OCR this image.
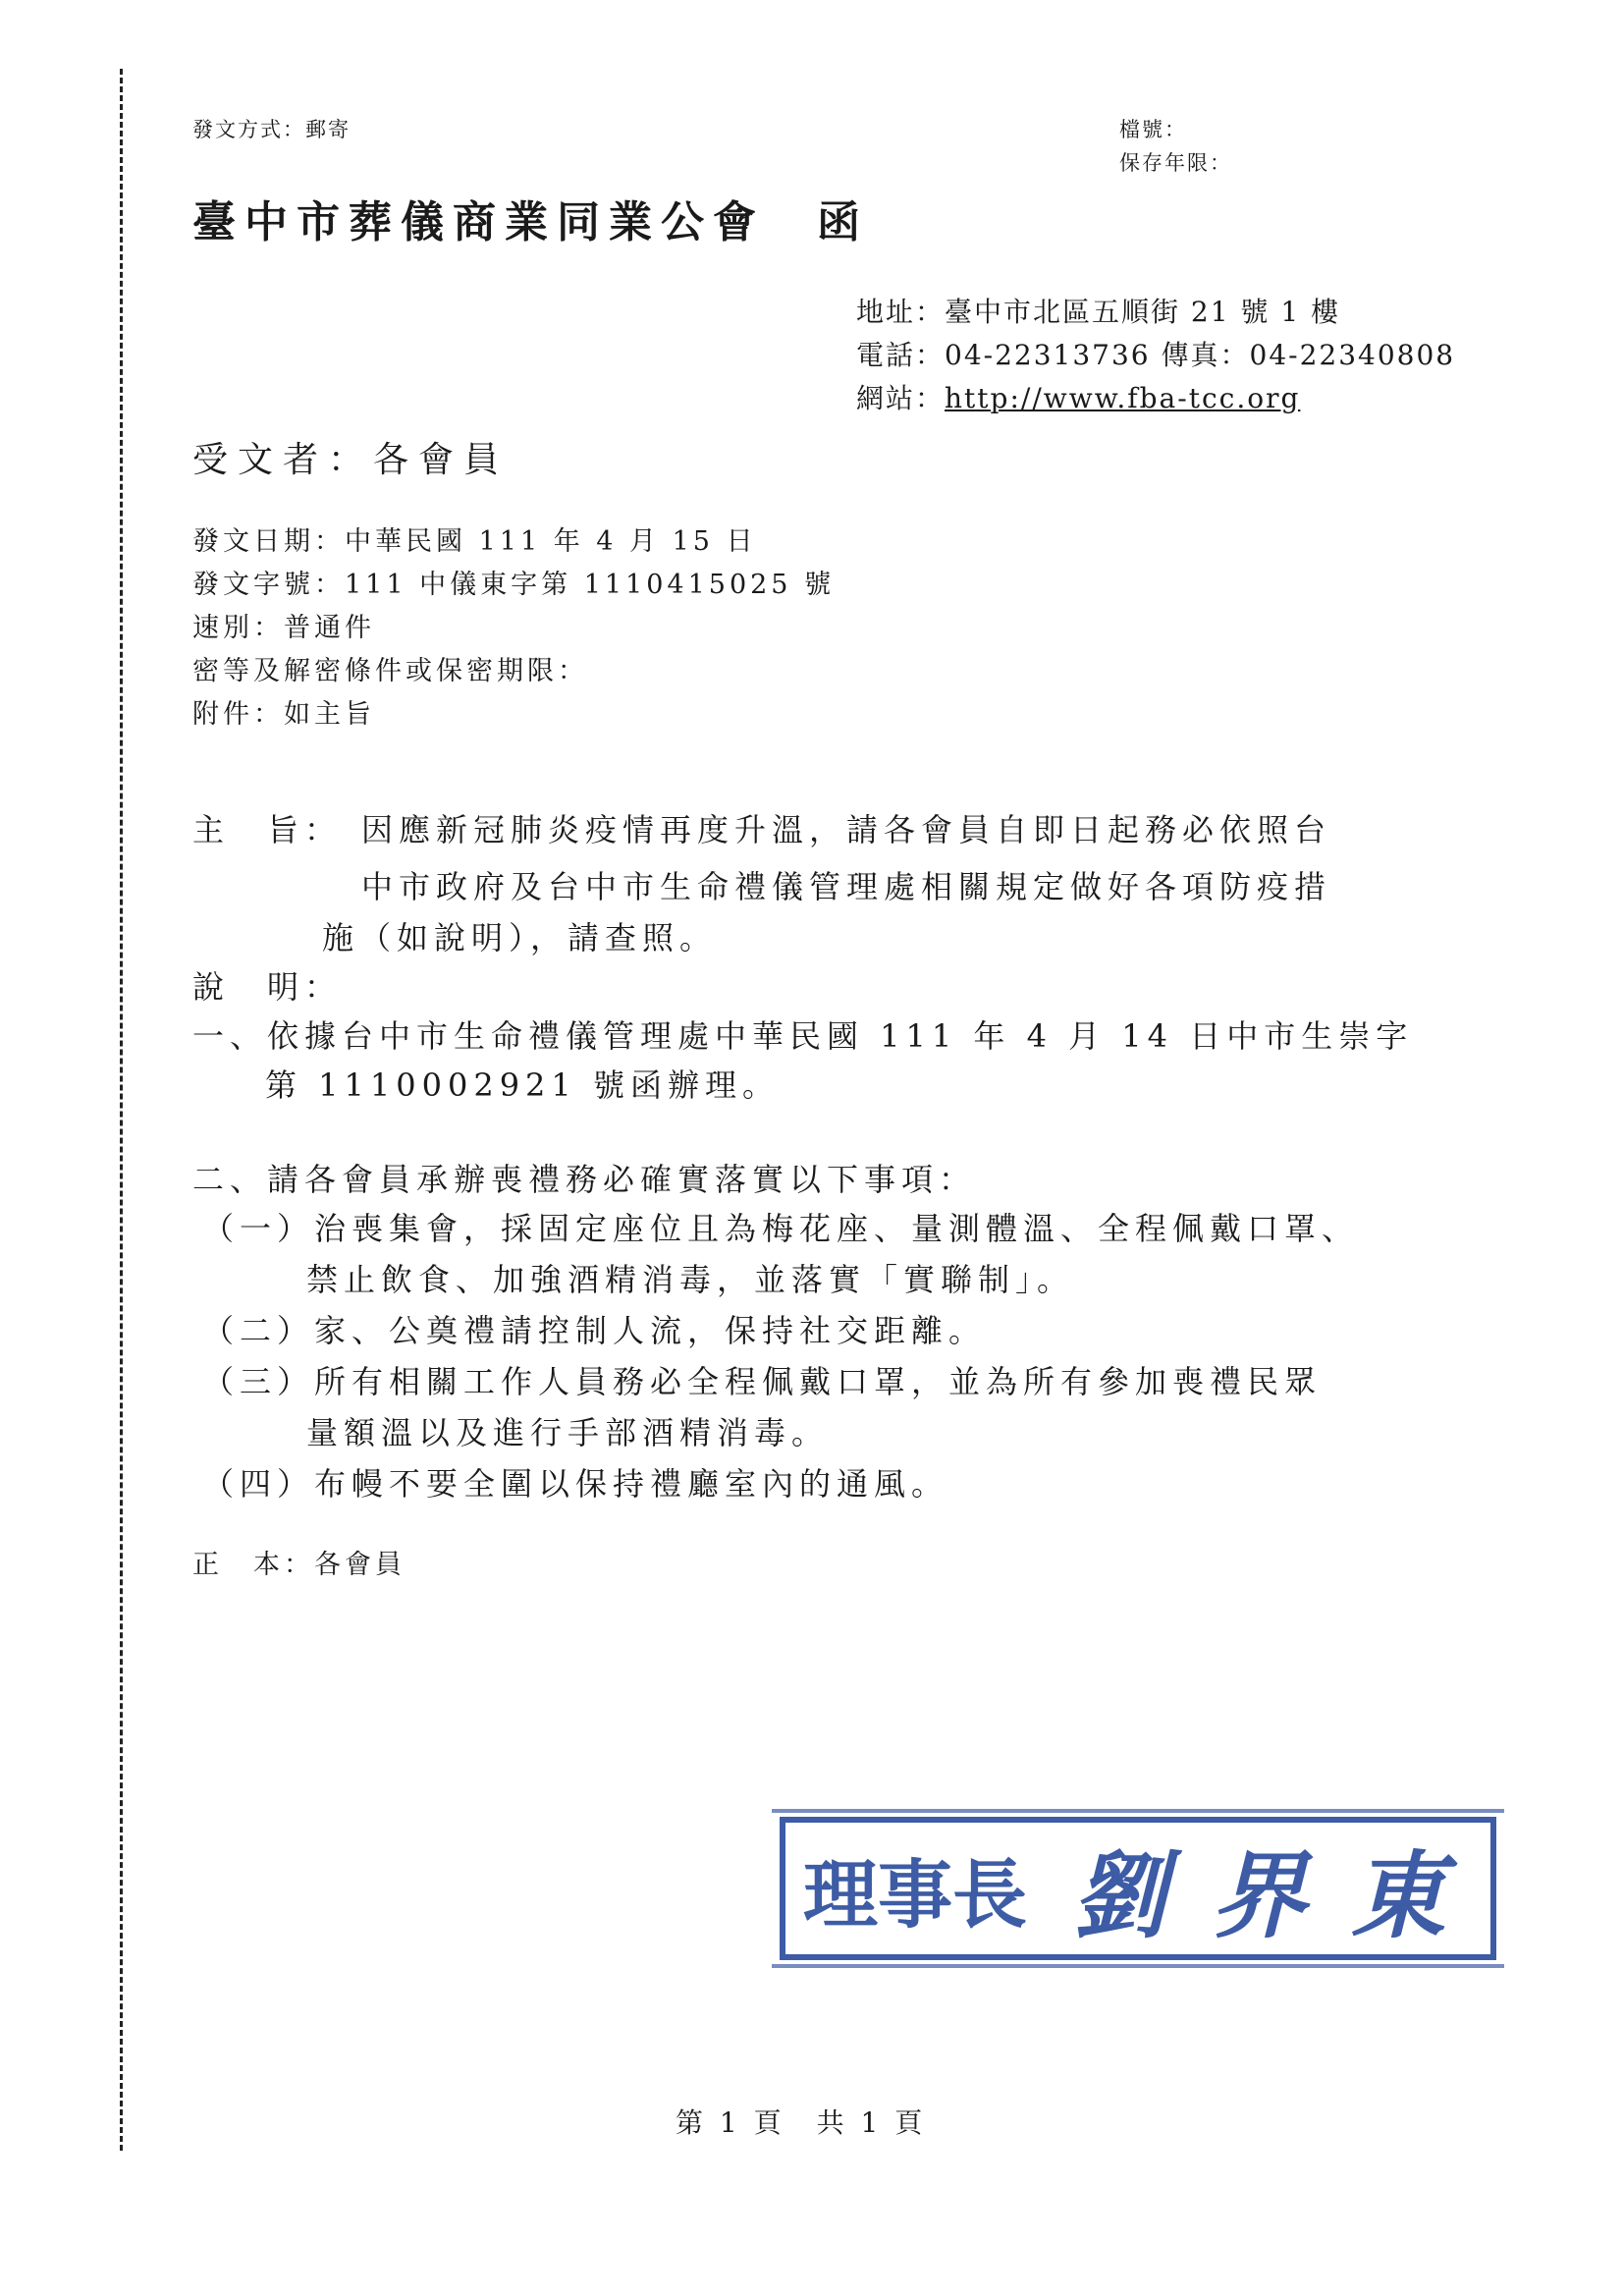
發文方式：郵寄	檔號：
保存年限：
臺中市葬儀商業同業公會　函
地址：臺中市北區五順街 21 號 1 樓
電話：04-22313736 傳真：04-22340808
網站：http://www.fba-tcc.org
受文者：各會員
發文日期：中華民國 111 年 4 月 15 日
發文字號：111 中儀東字第 1110415025 號
速別：普通件
密等及解密條件或保密期限：
附件：如主旨
主　旨： 因應新冠肺炎疫情再度升溫，請各會員自即日起務必依照台
中市政府及台中市生命禮儀管理處相關規定做好各項防疫措
施（如說明），請查照。
說　明：
一、依據台中市生命禮儀管理處中華民國 111 年 4 月 14 日中市生崇字
第 1110002921 號函辦理。
二、請各會員承辦喪禮務必確實落實以下事項：
（一）治喪集會，採固定座位且為梅花座、量測體溫、全程佩戴口罩、
禁止飲食、加強酒精消毒，並落實「實聯制」。
（二）家、公奠禮請控制人流，保持社交距離。
（三）所有相關工作人員務必全程佩戴口罩，並為所有參加喪禮民眾
量額溫以及進行手部酒精消毒。
（四）布幔不要全圍以保持禮廳室內的通風。
正　本：各會員
理事長 劉界東
第 1 頁　共 1 頁
